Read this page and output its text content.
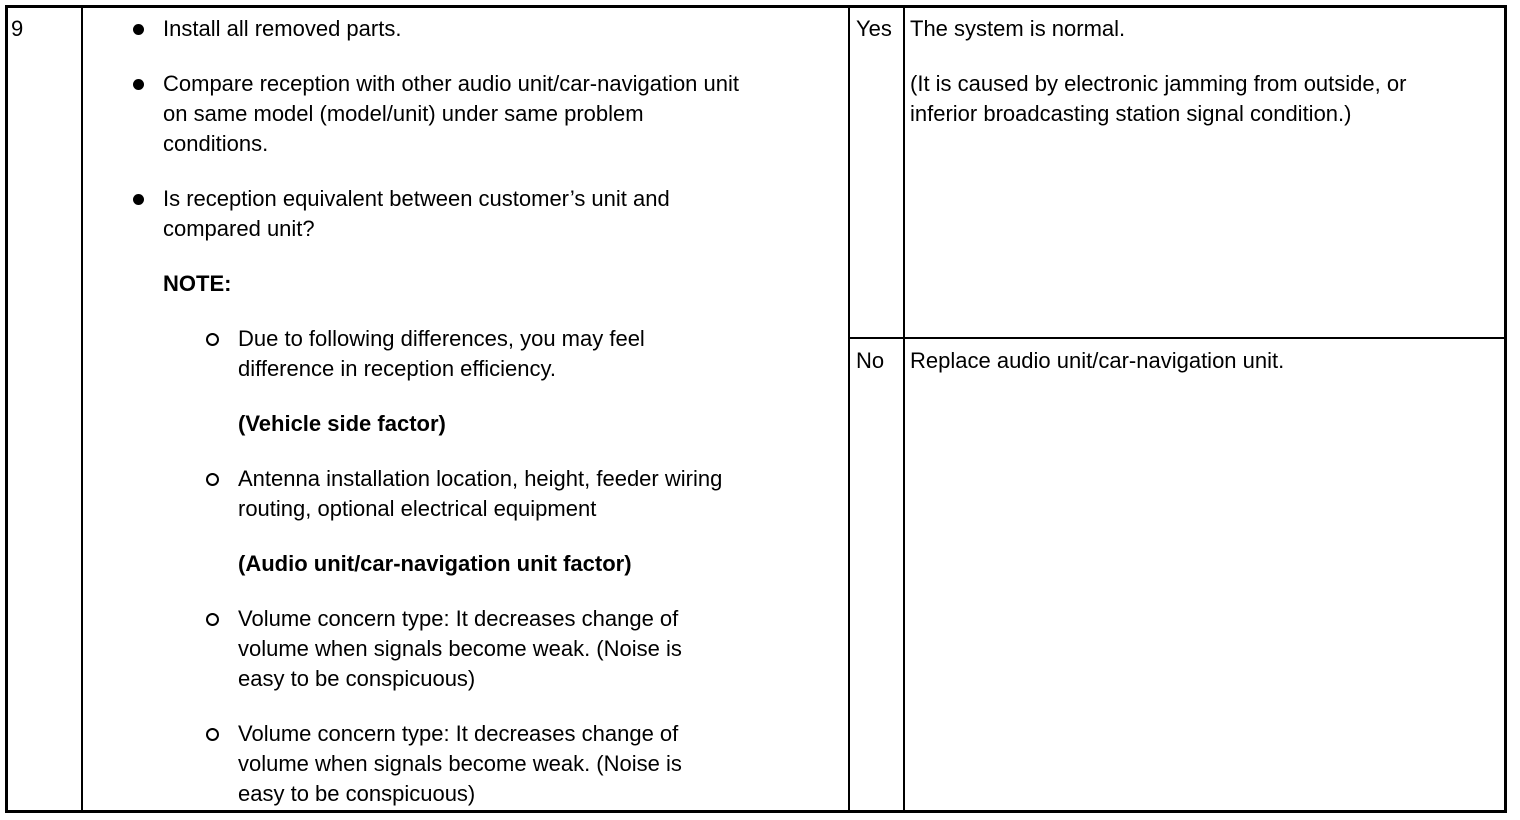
9	Install all removed parts.
Compare reception with other audio unit/car-navigation unit
on same model (model/unit) under same problem
conditions.
Is reception equivalent between customer’s unit and
compared unit?
NOTE:
Due to following differences, you may feel
difference in reception efficiency.
(Vehicle side factor)
Antenna installation location, height, feeder wiring
routing, optional electrical equipment
(Audio unit/car-navigation unit factor)
Volume concern type: It decreases change of
volume when signals become weak. (Noise is
easy to be conspicuous)
Volume concern type: It decreases change of
volume when signals become weak. (Noise is
easy to be conspicuous)
Yes The system is normal.
(It is caused by electronic jamming from outside, or
inferior broadcasting station signal condition.)
No Replace audio unit/car-navigation unit.
